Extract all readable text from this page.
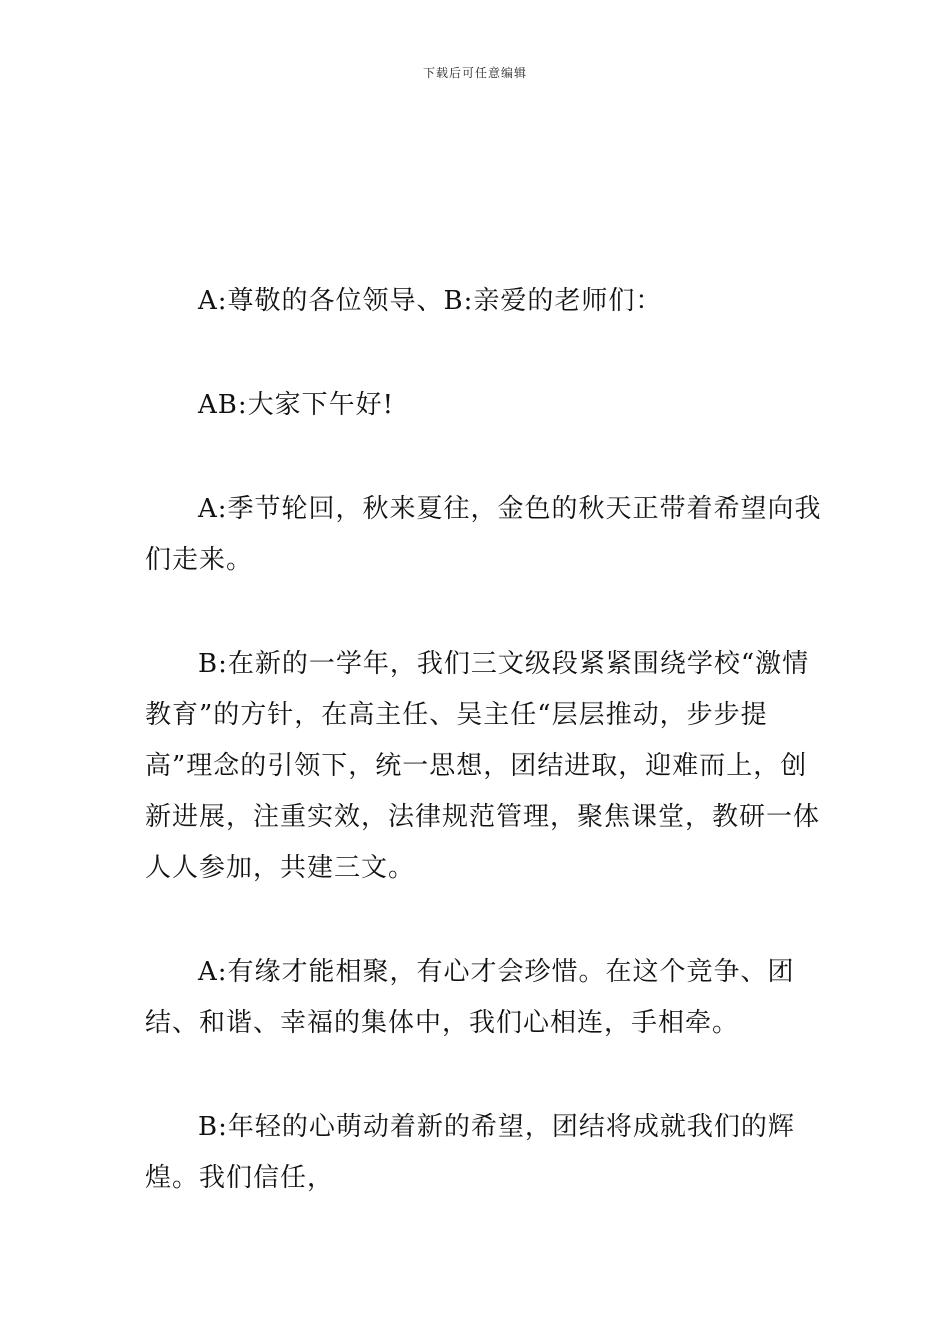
下载后可任意编辑

A:尊敬的各位领导、B:亲爱的老师们：

AB:大家下午好!

A:季节轮回，秋来夏往，金色的秋天正带着希望向我们走来。

B:在新的一学年，我们三文级段紧紧围绕学校“激情教育”的方针，在高主任、吴主任“层层推动，步步提高”理念的引领下，统一思想，团结进取，迎难而上，创新进展，注重实效，法律规范管理，聚焦课堂，教研一体人人参加，共建三文。

A:有缘才能相聚，有心才会珍惜。在这个竞争、团结、和谐、幸福的集体中，我们心相连，手相牵。

B:年轻的心萌动着新的希望，团结将成就我们的辉煌。我们信任，
